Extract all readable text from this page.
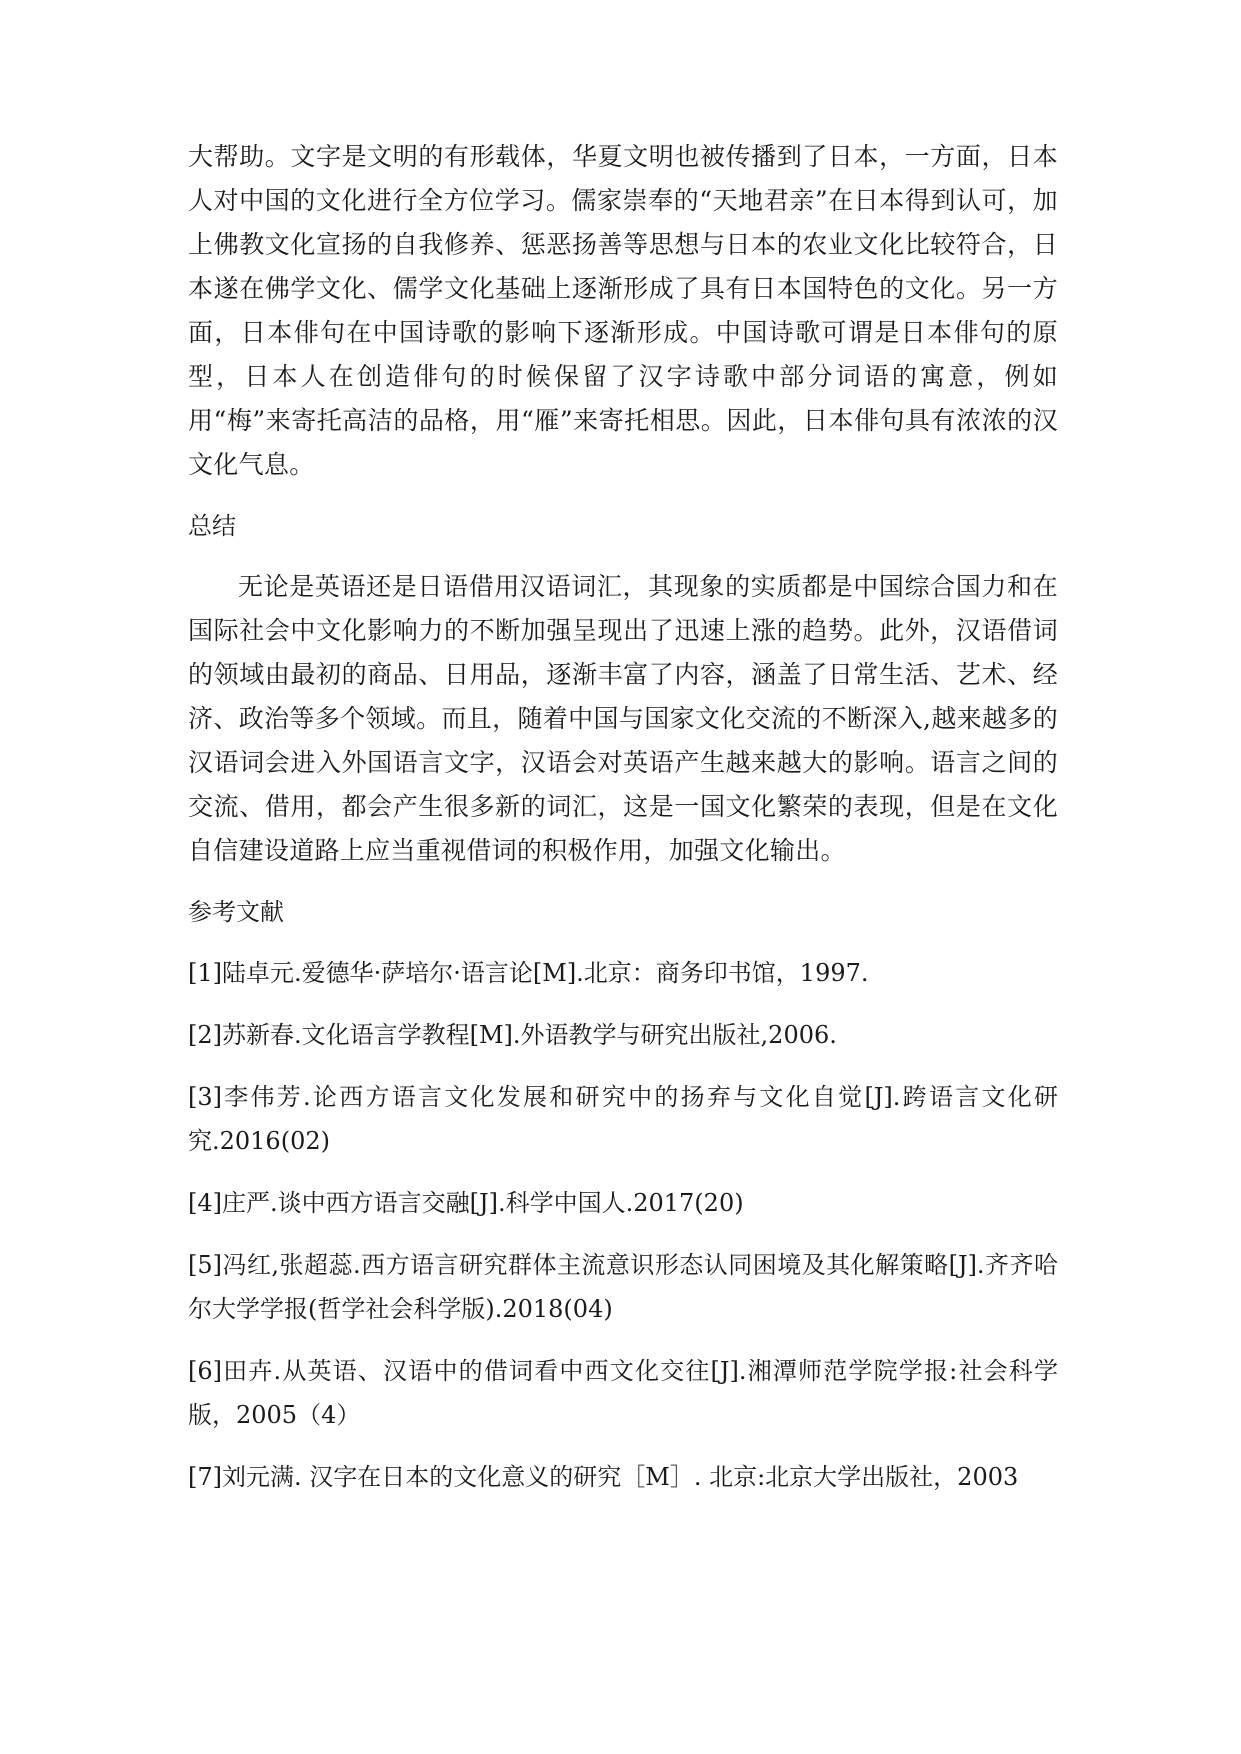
大帮助。文字是文明的有形载体，华夏文明也被传播到了日本，一方面，日本人对中国的文化进行全方位学习。儒家崇奉的“天地君亲”在日本得到认可，加上佛教文化宣扬的自我修养、惩恶扬善等思想与日本的农业文化比较符合，日本遂在佛学文化、儒学文化基础上逐渐形成了具有日本国特色的文化。另一方面，日本俳句在中国诗歌的影响下逐渐形成。中国诗歌可谓是日本俳句的原型，日本人在创造俳句的时候保留了汉字诗歌中部分词语的寓意，例如用“梅”来寄托高洁的品格，用“雁”来寄托相思。因此，日本俳句具有浓浓的汉文化气息。

总结

无论是英语还是日语借用汉语词汇，其现象的实质都是中国综合国力和在国际社会中文化影响力的不断加强呈现出了迅速上涨的趋势。此外，汉语借词的领域由最初的商品、日用品，逐渐丰富了内容，涵盖了日常生活、艺术、经济、政治等多个领域。而且，随着中国与国家文化交流的不断深入,越来越多的汉语词会进入外国语言文字，汉语会对英语产生越来越大的影响。语言之间的交流、借用，都会产生很多新的词汇，这是一国文化繁荣的表现，但是在文化自信建设道路上应当重视借词的积极作用，加强文化输出。

参考文献

[1]陆卓元.爱德华·萨培尔·语言论[M].北京：商务印书馆，1997.

[2]苏新春.文化语言学教程[M].外语教学与研究出版社,2006.

[3]李伟芳.论西方语言文化发展和研究中的扬弃与文化自觉[J].跨语言文化研究.2016(02)

[4]庄严.谈中西方语言交融[J].科学中国人.2017(20)

[5]冯红,张超蕊.西方语言研究群体主流意识形态认同困境及其化解策略[J].齐齐哈尔大学学报(哲学社会科学版).2018(04)

[6]田卉.从英语、汉语中的借词看中西文化交往[J].湘潭师范学院学报:社会科学版，2005（4）

[7]刘元满. 汉字在日本的文化意义的研究［M］. 北京:北京大学出版社，2003
